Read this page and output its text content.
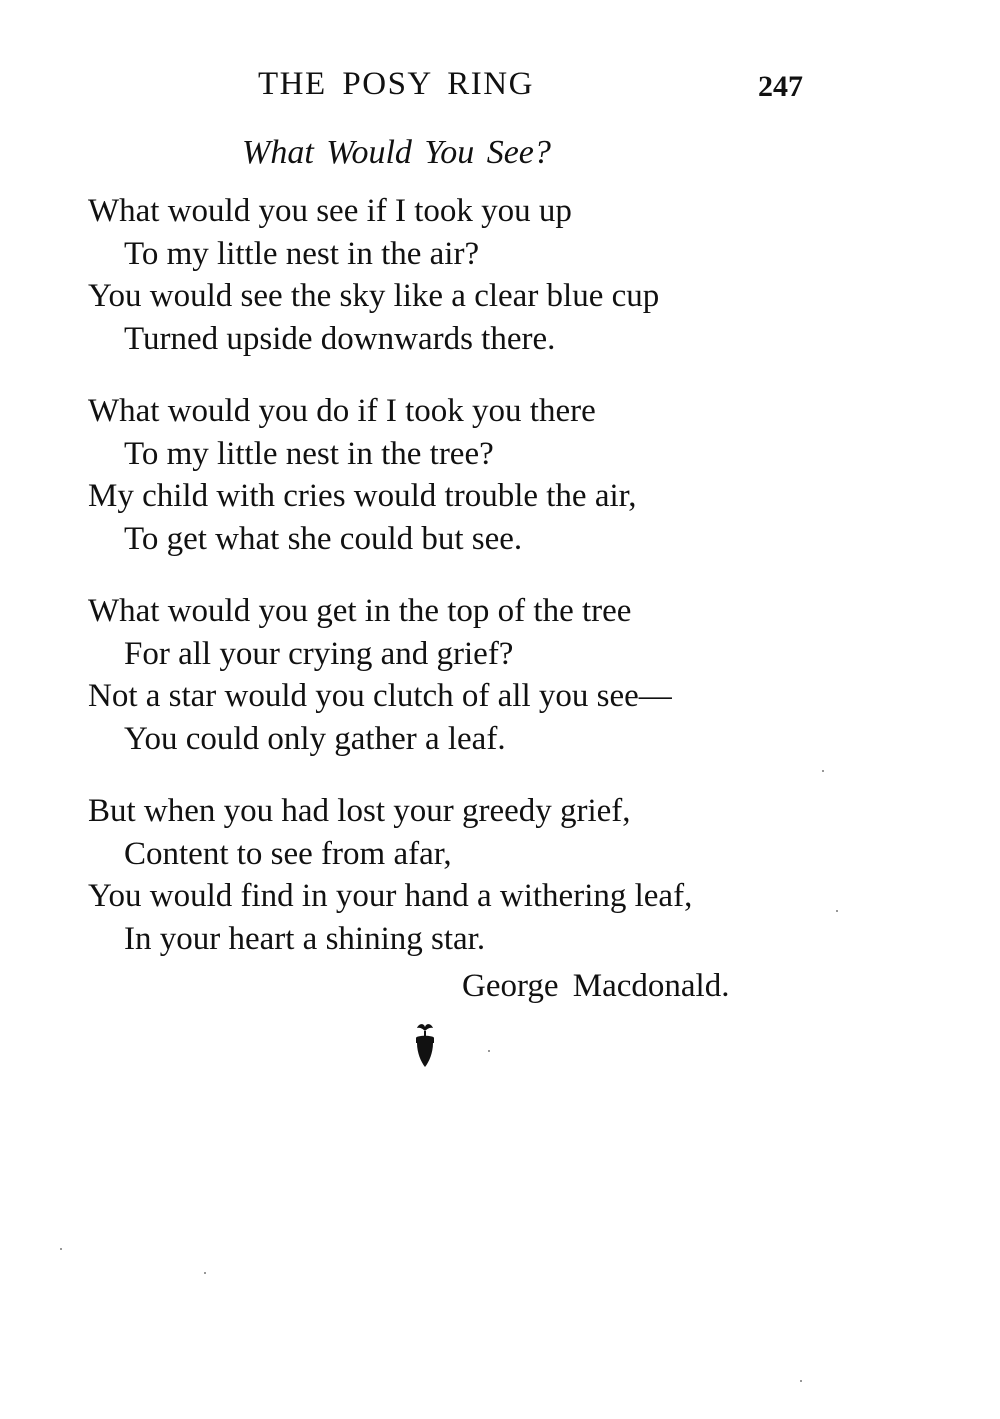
THE POSY RING	247
What Would You See?
What would you see if I took you up
To my little nest in the air?
You would see the sky like a clear blue cup
Turned upside downwards there.
What would you do if I took you there
To my little nest in the tree?
My child with cries would trouble the air,
To get what she could but see.
What would you get in the top of the tree
For all your crying and grief?
Not a star would you clutch of all you see—
You could only gather a leaf.
But when you had lost your greedy grief,
Content to see from afar,
You would find in your hand a withering leaf,
In your heart a shining star.
George Macdonald.
